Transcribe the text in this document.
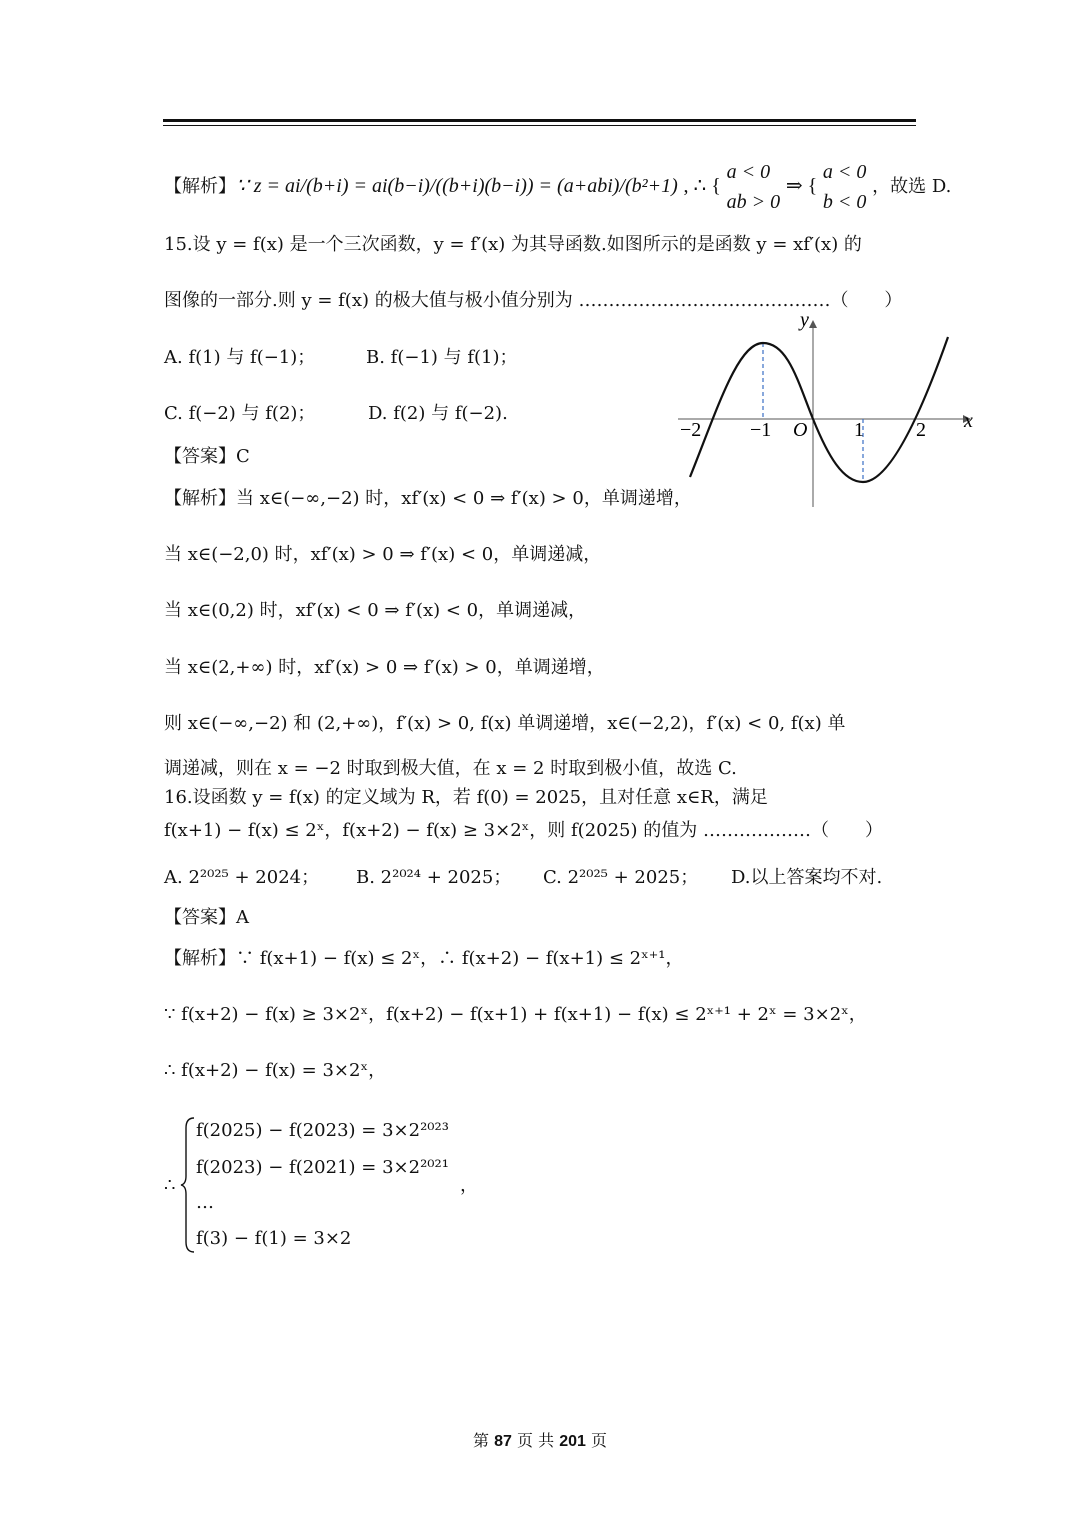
【解析】∵ z = ai/(b+i) = ai(b−i)/((b+i)(b−i)) = (a+abi)/(b²+1) , ∴ {
a < 0
ab > 0
⇒ {
a < 0
b < 0
，故选 D.
15.设 y = f(x) 是一个三次函数，y = f′(x) 为其导函数.如图所示的是函数 y = xf′(x) 的
图像的一部分.则 y = f(x) 的极大值与极小值分别为 ……………………………………（　　）
A. f(1) 与 f(−1)；	B. f(−1) 与 f(1)；
C. f(−2) 与 f(2)；	D. f(2) 与 f(−2).
【答案】C
【解析】当 x∈(−∞,−2) 时，xf′(x) < 0 ⇒ f′(x) > 0，单调递增，
当 x∈(−2,0) 时，xf′(x) > 0 ⇒ f′(x) < 0，单调递减，
当 x∈(0,2) 时，xf′(x) < 0 ⇒ f′(x) < 0，单调递减，
当 x∈(2,+∞) 时，xf′(x) > 0 ⇒ f′(x) > 0，单调递增，
则 x∈(−∞,−2) 和 (2,+∞)，f′(x) > 0, f(x) 单调递增，x∈(−2,2)，f′(x) < 0, f(x) 单
调递减，则在 x = −2 时取到极大值，在 x = 2 时取到极小值，故选 C.
y
x
O
−2 −1	1	2
16.设函数 y = f(x) 的定义域为 R，若 f(0) = 2025，且对任意 x∈R，满足
f(x+1) − f(x) ≤ 2ˣ，f(x+2) − f(x) ≥ 3×2ˣ，则 f(2025) 的值为 ………………（　　）
A. 2²⁰²⁵ + 2024； B. 2²⁰²⁴ + 2025； C. 2²⁰²⁵ + 2025； D.以上答案均不对.
【答案】A
【解析】∵ f(x+1) − f(x) ≤ 2ˣ，∴ f(x+2) − f(x+1) ≤ 2ˣ⁺¹，
∵ f(x+2) − f(x) ≥ 3×2ˣ，f(x+2) − f(x+1) + f(x+1) − f(x) ≤ 2ˣ⁺¹ + 2ˣ = 3×2ˣ，
∴ f(x+2) − f(x) = 3×2ˣ，
∴
f(2025) − f(2023) = 3×2²⁰²³
f(2023) − f(2021) = 3×2²⁰²¹
…
f(3) − f(1) = 3×2
，
第 87 页 共 201 页
